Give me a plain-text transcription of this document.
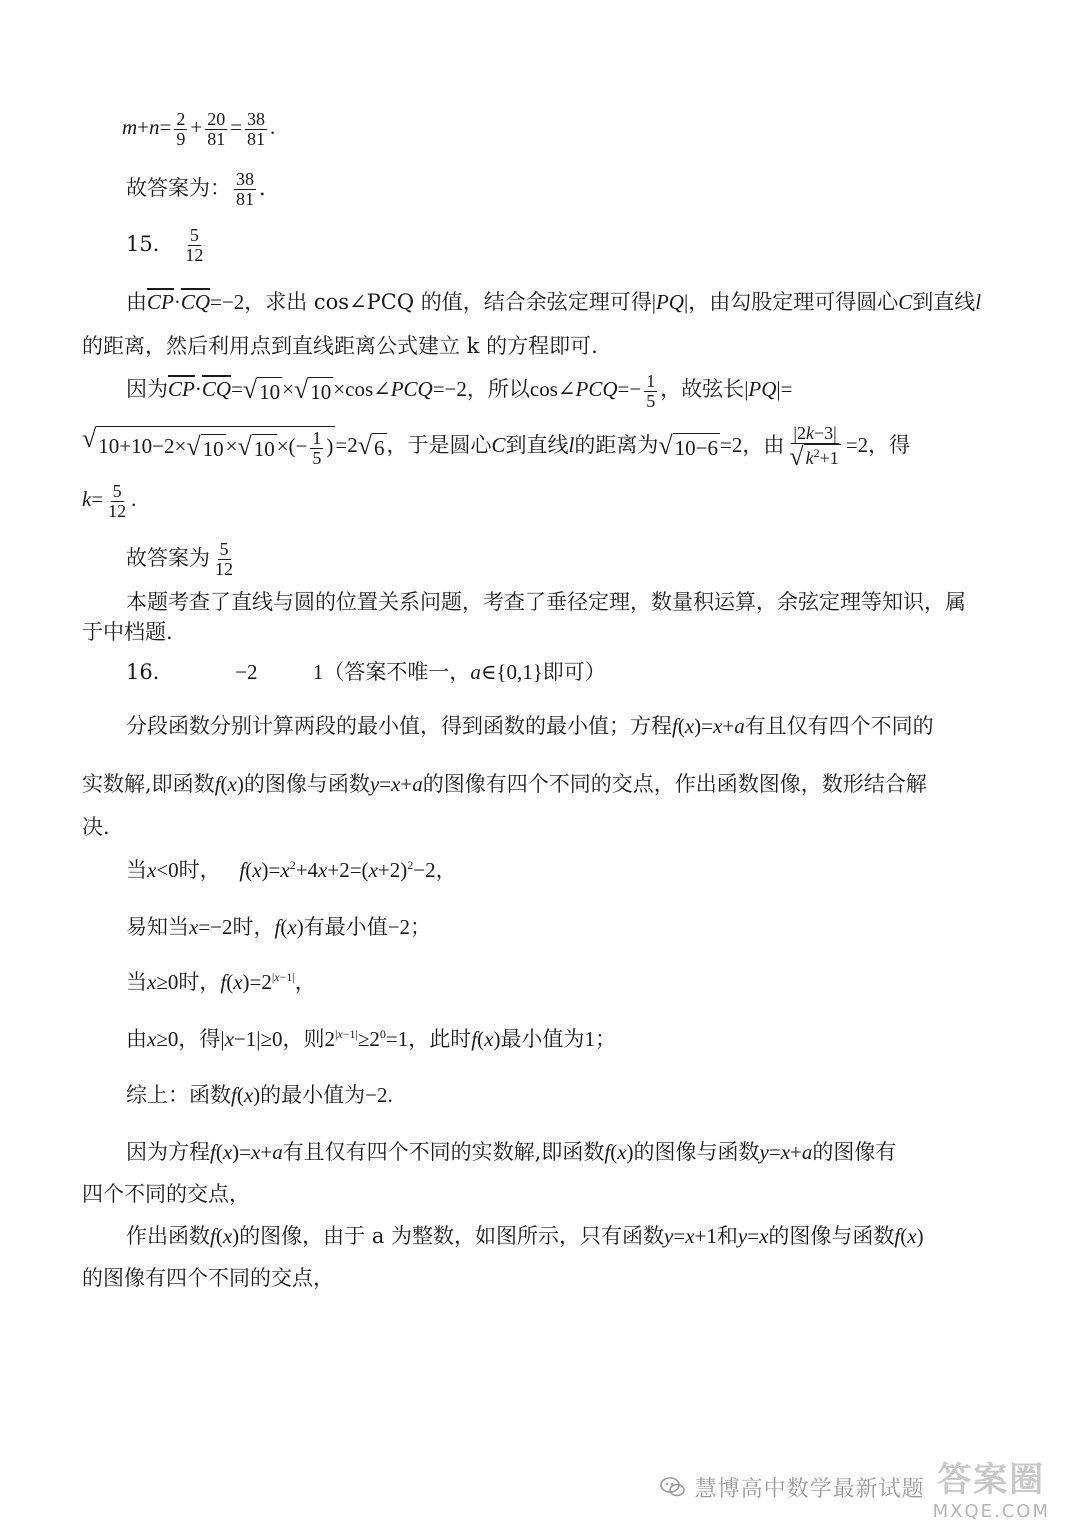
$m+n= \frac{2}{9} + \frac{20}{81} = \frac{38}{81}$ .
故答案为： $\frac{38}{81}$ .
15． $\frac{5}{12}$
由$\overline{CP}\cdot\overline{CQ}=-2$，求出 cos∠PCQ 的值，结合余弦定理可得|PQ|，由勾股定理可得圆心C到直线l
的距离，然后利用点到直线距离公式建立 k 的方程即可.
因为$\overline{CP}\cdot\overline{CQ}=$ √ 10 × √ 10 ×cos∠PCQ=−2，所以cos∠PCQ=− $\frac{1}{5}$ ，故弦长|PQ|=
√ 10+10−2× √ 10 × √ 10 ×(− $\frac{1}{5}$ ) =2 √ 6 ，于是圆心C到直线l的距离为 √ 10−6 =2，由 $\frac{|2k-3|}{√ k^2+1} =2$，得
$k= \frac{5}{12}$ .
故答案为 $\frac{5}{12}$
本题考查了直线与圆的位置关系问题，考查了垂径定理，数量积运算，余弦定理等知识，属
于中档题.
16．	−2	1（答案不唯一，a∈{0,1}即可）
分段函数分别计算两段的最小值，得到函数的最小值；方程f(x)=x+a有且仅有四个不同的
实数解,即函数f(x)的图像与函数y=x+a的图像有四个不同的交点，作出函数图像，数形结合解
决.
当x<0时， $f(x)=x^2+4x+2=(x+2)^2-2$，
易知当x=−2时，f(x)有最小值−2；
当x≥0时，$f(x)=2^{|x-1|}$，
由x≥0，得|x−1|≥0，则$2^{|x-1|}\ge 2^0=1$，此时f(x)最小值为1；
综上：函数f(x)的最小值为−2.
因为方程f(x)=x+a有且仅有四个不同的实数解,即函数f(x)的图像与函数y=x+a的图像有
四个不同的交点，
作出函数f(x)的图像，由于 a 为整数，如图所示，只有函数y=x+1和y=x的图像与函数f(x)
的图像有四个不同的交点，
慧博高中数学最新试题 答案圈
MXQE.COM
